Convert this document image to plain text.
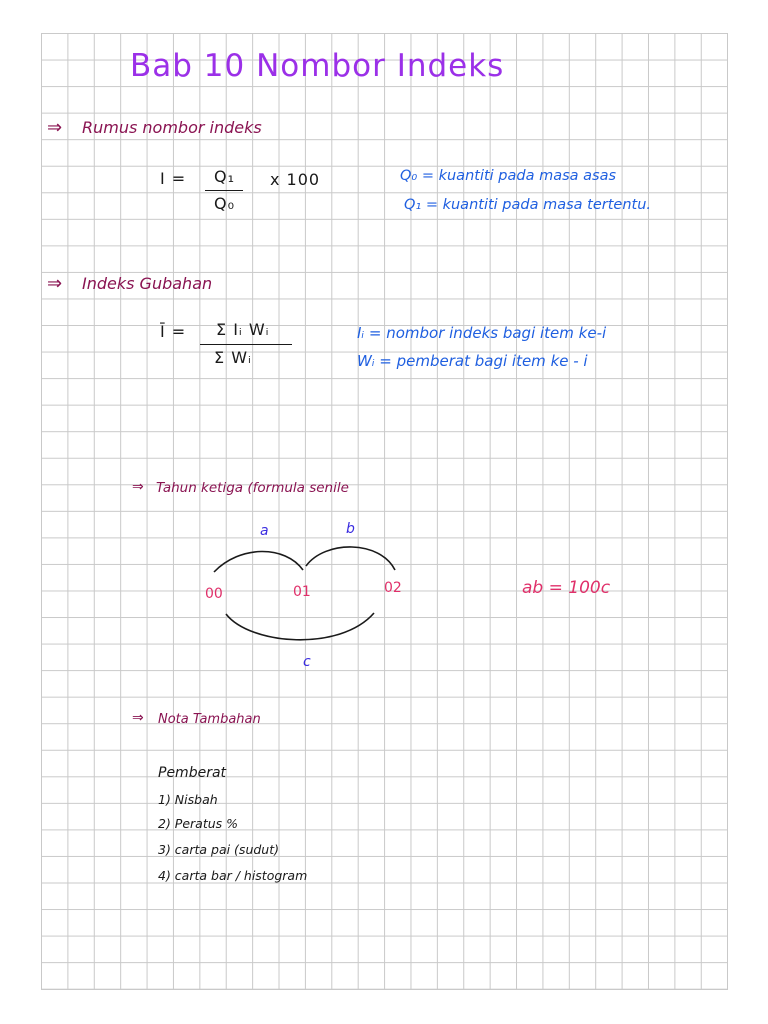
Bab 10 Nombor Indeks
⇒ Rumus nombor indeks
I = Q₁
Q₀
x 100	Q₀ = kuantiti pada masa asas
Q₁ = kuantiti pada masa tertentu.
⇒ Indeks Gubahan
Ī = Σ Iᵢ Wᵢ
Σ Wᵢ
Iᵢ = nombor indeks bagi item ke-i
Wᵢ = pemberat bagi item ke - i
⇒ Tahun ketiga (formula senile
a	b
c
00	01	02	ab = 100c
⇒ Nota Tambahan
Pemberat
1) Nisbah
2) Peratus %
3) carta pai (sudut)
4) carta bar / histogram
